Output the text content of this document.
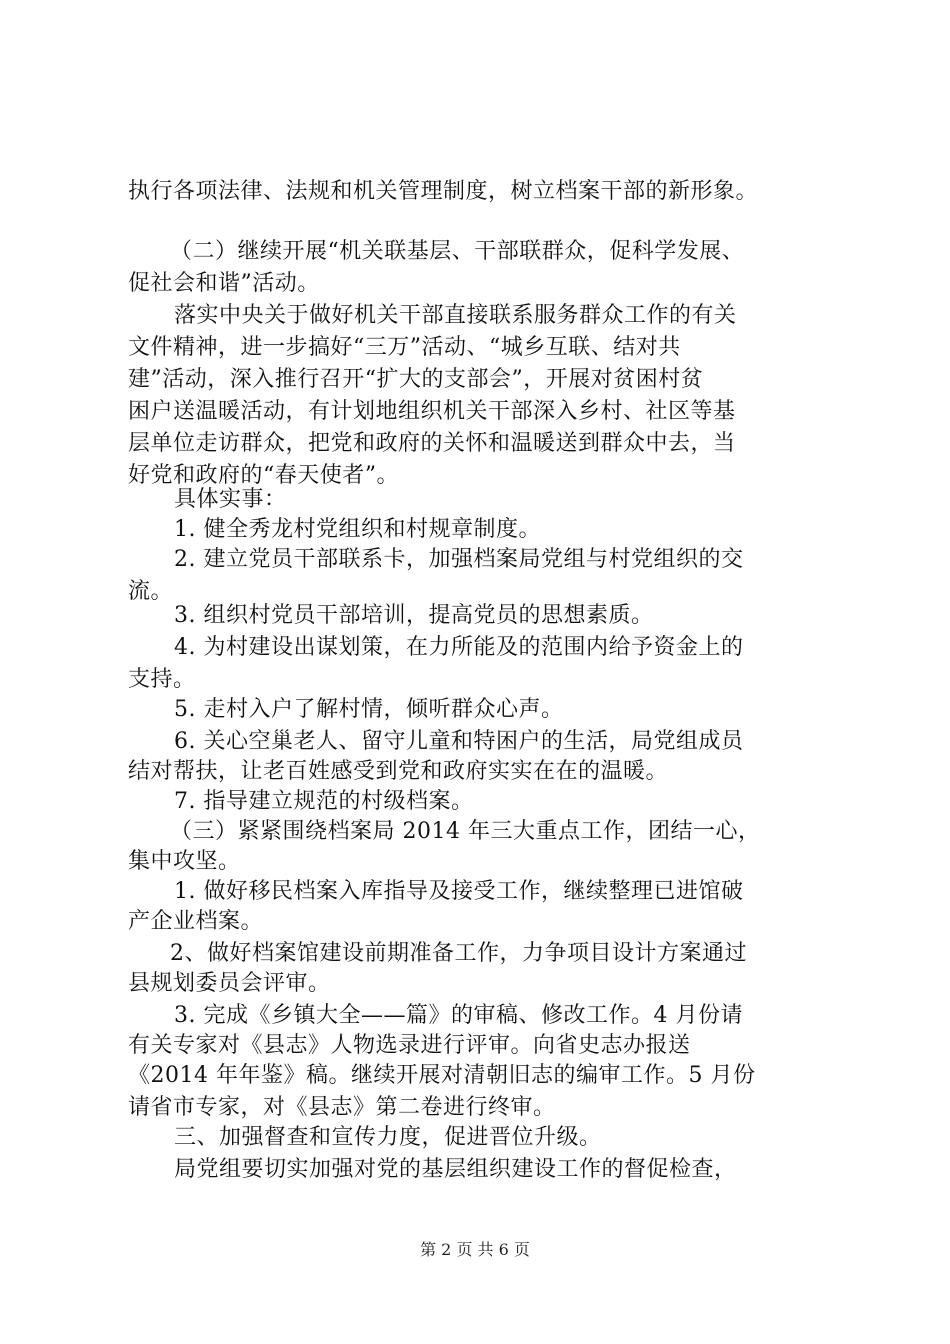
执行各项法律、法规和机关管理制度，树立档案干部的新形象。
（二）继续开展“机关联基层、干部联群众，促科学发展、
促社会和谐”活动。
落实中央关于做好机关干部直接联系服务群众工作的有关
文件精神，进一步搞好“三万”活动、“城乡互联、结对共
建”活动，深入推行召开“扩大的支部会”，开展对贫困村贫
困户送温暖活动，有计划地组织机关干部深入乡村、社区等基
层单位走访群众，把党和政府的关怀和温暖送到群众中去，当
好党和政府的“春天使者”。
具体实事：
1. 健全秀龙村党组织和村规章制度。
2. 建立党员干部联系卡，加强档案局党组与村党组织的交
流。
3. 组织村党员干部培训，提高党员的思想素质。
4. 为村建设出谋划策，在力所能及的范围内给予资金上的
支持。
5. 走村入户了解村情，倾听群众心声。
6. 关心空巢老人、留守儿童和特困户的生活，局党组成员
结对帮扶，让老百姓感受到党和政府实实在在的温暖。
7. 指导建立规范的村级档案。
（三）紧紧围绕档案局 2014 年三大重点工作，团结一心，
集中攻坚。
1. 做好移民档案入库指导及接受工作，继续整理已进馆破
产企业档案。
2、做好档案馆建设前期准备工作，力争项目设计方案通过
县规划委员会评审。
3. 完成《乡镇大全——篇》的审稿、修改工作。4 月份请
有关专家对《县志》人物选录进行评审。向省史志办报送
《2014 年年鉴》稿。继续开展对清朝旧志的编审工作。5 月份
请省市专家，对《县志》第二卷进行终审。
三、加强督查和宣传力度，促进晋位升级。
局党组要切实加强对党的基层组织建设工作的督促检查，
第 2 页 共 6 页
